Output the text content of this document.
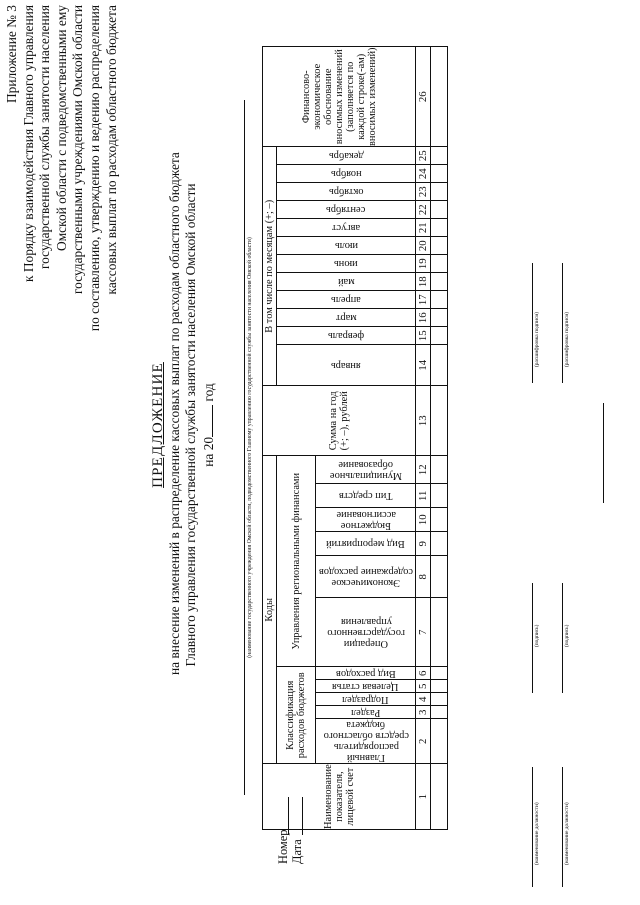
Приложение № 3 к Порядку взаимодействия Главного управления государственной службы занятости населения Омской области с подведомственными ему государственными учреждениями Омской области по составлению, утверждению и ведению распределения кассовых выплат по расходам областного бюджета
ПРЕДЛОЖЕНИЕ на внесение изменений в распределение кассовых выплат по расходам областного бюджета Главного управления государственной службы занятости населения Омской области на 20 год	(наименование государственного учреждения Омской области, подведомственного Главному управлению государственной службы занятости населения Омской области)
Наименование показателя, лицевой счет	Коды											Сумма на год (+; –), рублей	В том числе по месяцам (+; –)												Финансово-экономическое обоснование вносимых изменений (заполняется по каждой строке(-ам) вносимых изменений)

	Классификация расходов бюджетов					Управления региональными финансами							январь	февраль	март	апрель	май	июнь	июль	август	сентябрь	октябрь	ноябрь	декабрь	

	Главный распорядитель средств областного бюджета	Раздел	Подраздел	Целевая статья	Вид расходов	Операции государственного управления	Экономическое содержание расходов	Вид мероприятий	Бюджетное ассигнование	Тип средств	Муниципальное образование														

1	2	3	4	5	6	7	8	9	10	11	12	13	14	15	16	17	18	19	20	21	22	23	24	25	26

Номер Дата	(наименование должности)
(подпись)
(расшифровка подписи)
(наименование должности)
(подпись)
(расшифровка подписи)
